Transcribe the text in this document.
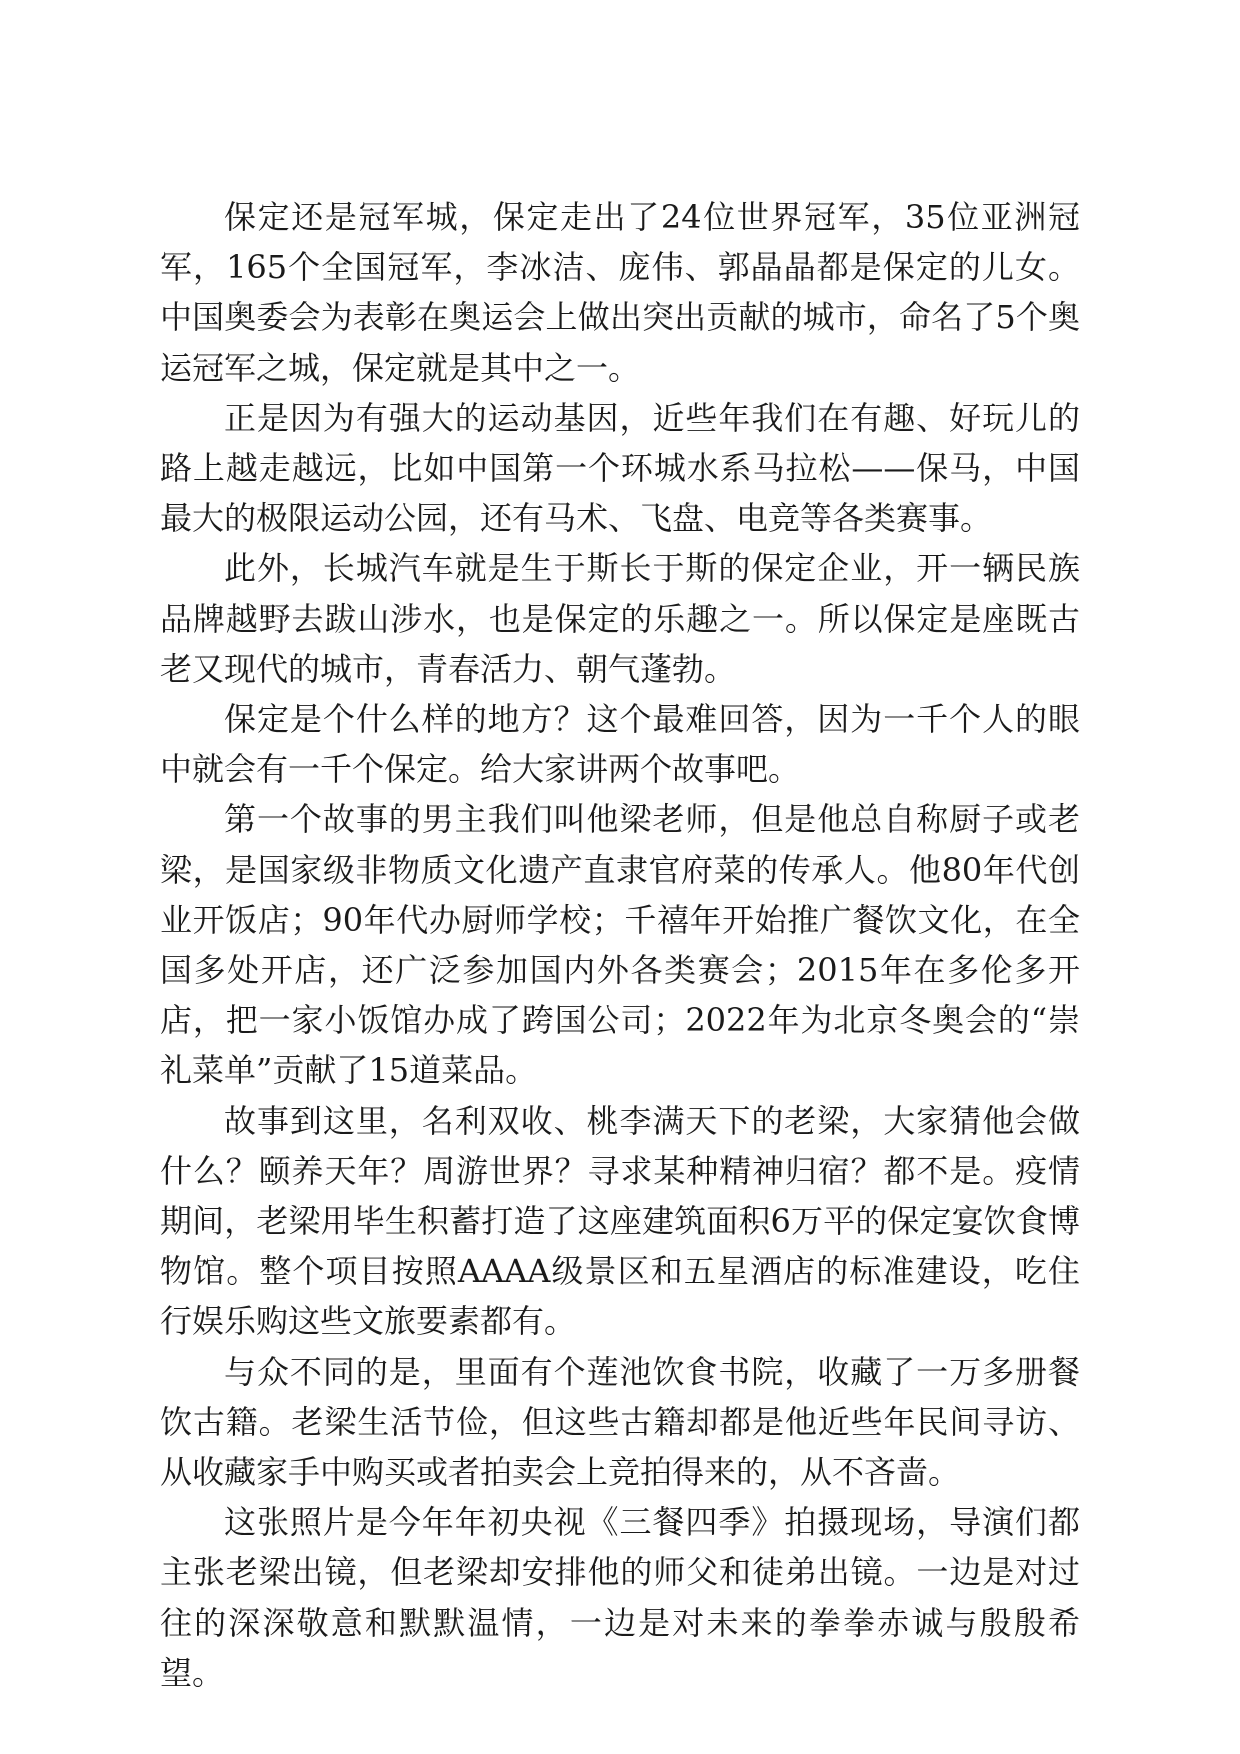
保定还是冠军城，保定走出了24位世界冠军，35位亚洲冠军，165个全国冠军，李冰洁、庞伟、郭晶晶都是保定的儿女。中国奥委会为表彰在奥运会上做出突出贡献的城市，命名了5个奥运冠军之城，保定就是其中之一。

正是因为有强大的运动基因，近些年我们在有趣、好玩儿的路上越走越远，比如中国第一个环城水系马拉松——保马，中国最大的极限运动公园，还有马术、飞盘、电竞等各类赛事。

此外，长城汽车就是生于斯长于斯的保定企业，开一辆民族品牌越野去跋山涉水，也是保定的乐趣之一。所以保定是座既古老又现代的城市，青春活力、朝气蓬勃。

保定是个什么样的地方？这个最难回答，因为一千个人的眼中就会有一千个保定。给大家讲两个故事吧。

第一个故事的男主我们叫他梁老师，但是他总自称厨子或老梁，是国家级非物质文化遗产直隶官府菜的传承人。他80年代创业开饭店；90年代办厨师学校；千禧年开始推广餐饮文化，在全国多处开店，还广泛参加国内外各类赛会；2015年在多伦多开店，把一家小饭馆办成了跨国公司；2022年为北京冬奥会的“崇礼菜单”贡献了15道菜品。

故事到这里，名利双收、桃李满天下的老梁，大家猜他会做什么？颐养天年？周游世界？寻求某种精神归宿？都不是。疫情期间，老梁用毕生积蓄打造了这座建筑面积6万平的保定宴饮食博物馆。整个项目按照AAAA级景区和五星酒店的标准建设，吃住行娱乐购这些文旅要素都有。

与众不同的是，里面有个莲池饮食书院，收藏了一万多册餐饮古籍。老梁生活节俭，但这些古籍却都是他近些年民间寻访、从收藏家手中购买或者拍卖会上竞拍得来的，从不吝啬。

这张照片是今年年初央视《三餐四季》拍摄现场，导演们都主张老梁出镜，但老梁却安排他的师父和徒弟出镜。一边是对过往的深深敬意和默默温情，一边是对未来的拳拳赤诚与殷殷希望。
